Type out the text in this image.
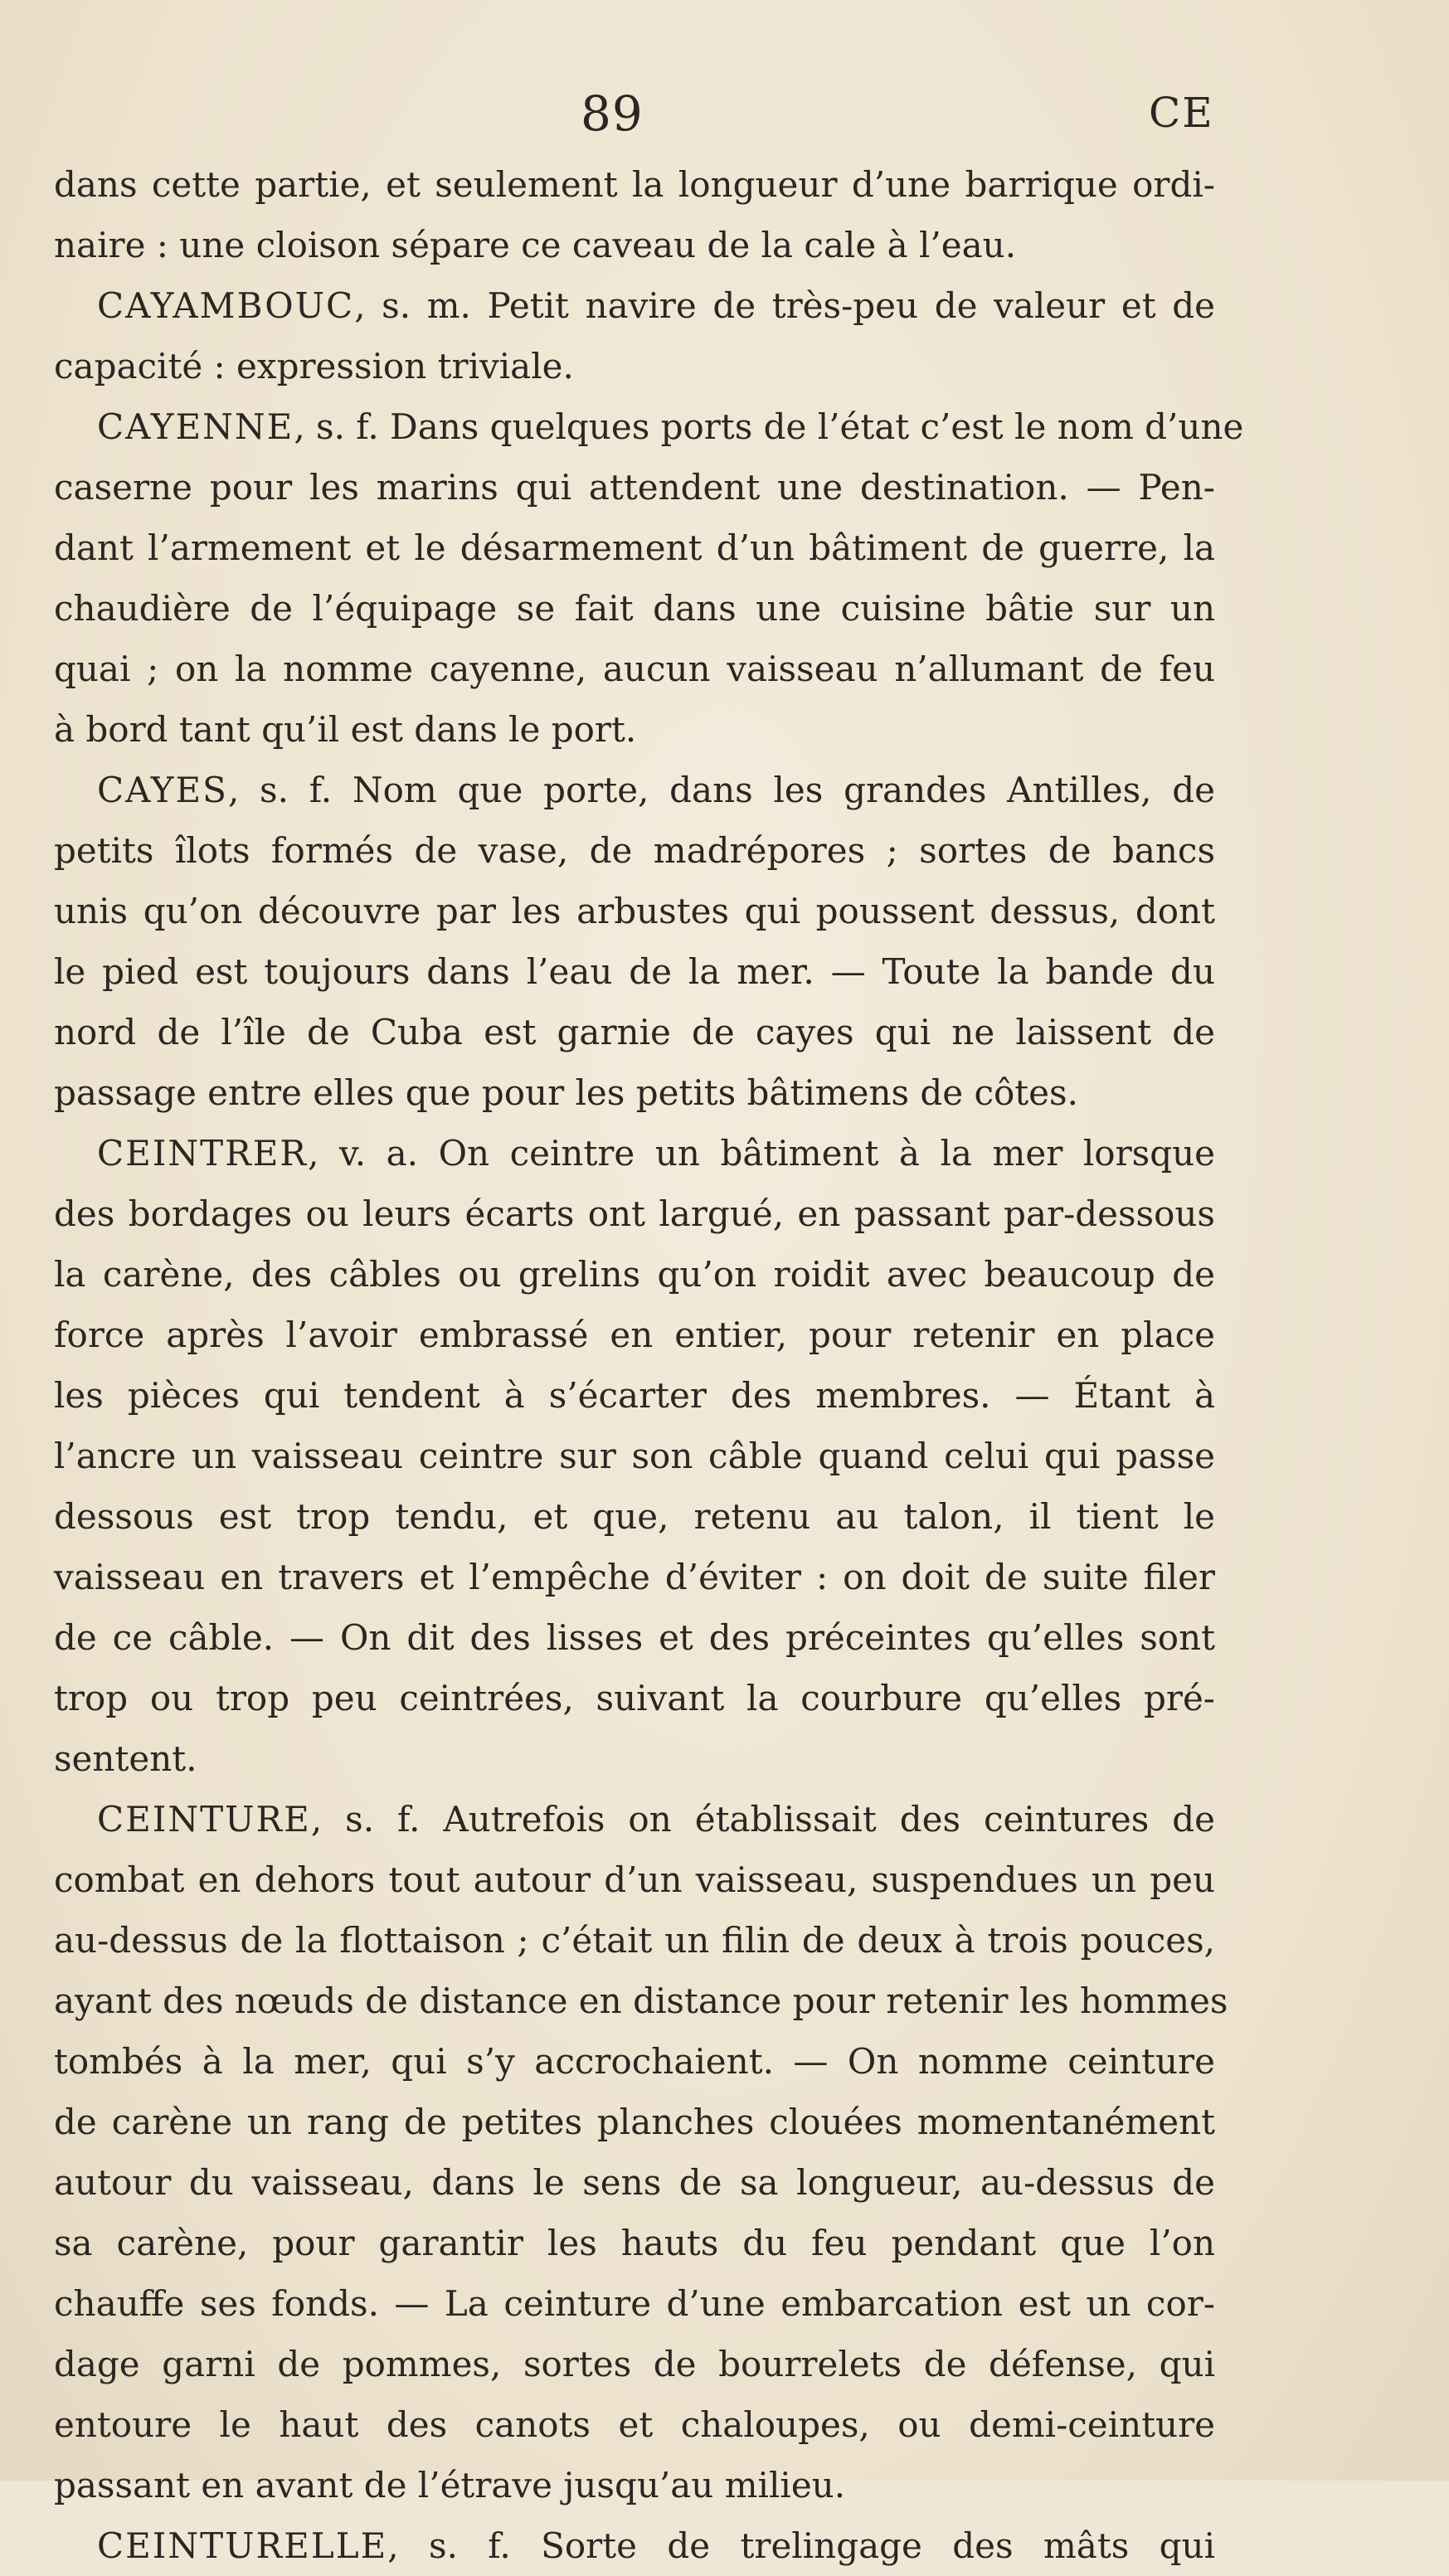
89	CE
dans cette partie, et seulement la longueur d’une barrique ordi-
naire : une cloison sépare ce caveau de la cale à l’eau.
CAYAMBOUC, s. m. Petit navire de très-peu de valeur et de
capacité : expression triviale.
CAYENNE, s. f. Dans quelques ports de l’état c’est le nom d’une
caserne pour les marins qui attendent une destination. — Pen-
dant l’armement et le désarmement d’un bâtiment de guerre, la
chaudière de l’équipage se fait dans une cuisine bâtie sur un
quai ; on la nomme cayenne, aucun vaisseau n’allumant de feu
à bord tant qu’il est dans le port.
CAYES, s. f. Nom que porte, dans les grandes Antilles, de
petits îlots formés de vase, de madrépores ; sortes de bancs
unis qu’on découvre par les arbustes qui poussent dessus, dont
le pied est toujours dans l’eau de la mer. — Toute la bande du
nord de l’île de Cuba est garnie de cayes qui ne laissent de
passage entre elles que pour les petits bâtimens de côtes.
CEINTRER, v. a. On ceintre un bâtiment à la mer lorsque
des bordages ou leurs écarts ont largué, en passant par-dessous
la carène, des câbles ou grelins qu’on roidit avec beaucoup de
force après l’avoir embrassé en entier, pour retenir en place
les pièces qui tendent à s’écarter des membres. — Étant à
l’ancre un vaisseau ceintre sur son câble quand celui qui passe
dessous est trop tendu, et que, retenu au talon, il tient le
vaisseau en travers et l’empêche d’éviter : on doit de suite filer
de ce câble. — On dit des lisses et des préceintes qu’elles sont
trop ou trop peu ceintrées, suivant la courbure qu’elles pré-
sentent.
CEINTURE, s. f. Autrefois on établissait des ceintures de
combat en dehors tout autour d’un vaisseau, suspendues un peu
au-dessus de la flottaison ; c’était un filin de deux à trois pouces,
ayant des nœuds de distance en distance pour retenir les hommes
tombés à la mer, qui s’y accrochaient. — On nomme ceinture
de carène un rang de petites planches clouées momentanément
autour du vaisseau, dans le sens de sa longueur, au-dessus de
sa carène, pour garantir les hauts du feu pendant que l’on
chauffe ses fonds. — La ceinture d’une embarcation est un cor-
dage garni de pommes, sortes de bourrelets de défense, qui
entoure le haut des canots et chaloupes, ou demi-ceinture
passant en avant de l’étrave jusqu’au milieu.
CEINTURELLE, s. f. Sorte de trelingage des mâts qui
